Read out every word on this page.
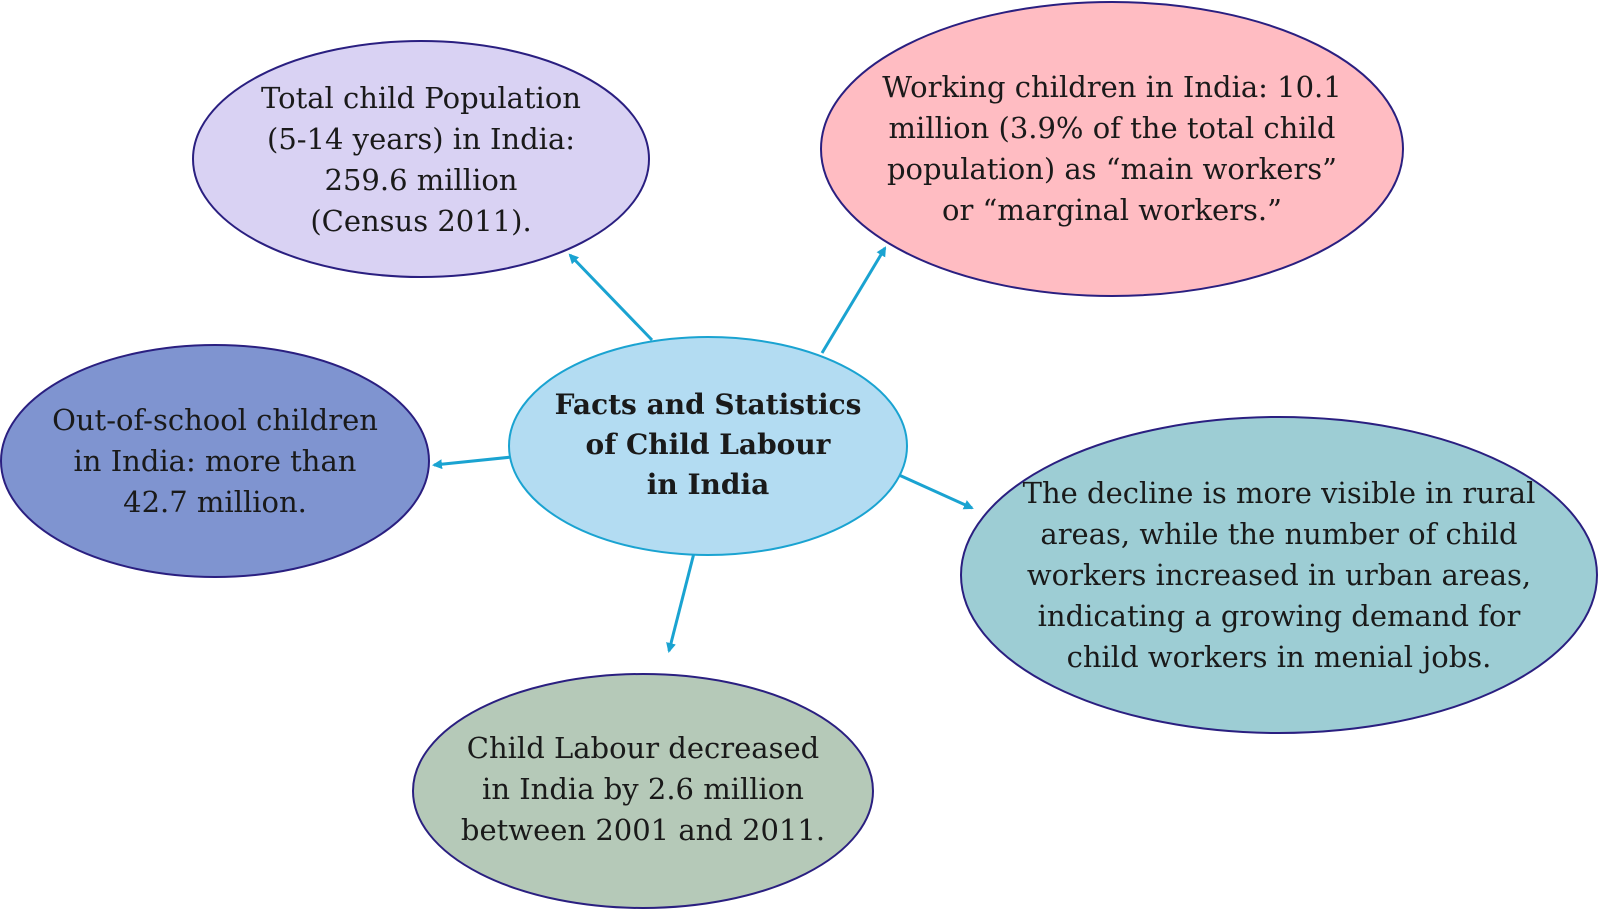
Total child Population
(5-14 years) in India:
259.6 million
(Census 2011).
Working children in India: 10.1
million (3.9% of the total child
population) as “main workers”
or “marginal workers.”
Out-of-school children
in India: more than
42.7 million.	The decline is more visible in rural
areas, while the number of child
workers increased in urban areas,
indicating a growing demand for
child workers in menial jobs.
Child Labour decreased
in India by 2.6 million
between 2001 and 2011.
Facts and Statistics
of Child Labour
in India
